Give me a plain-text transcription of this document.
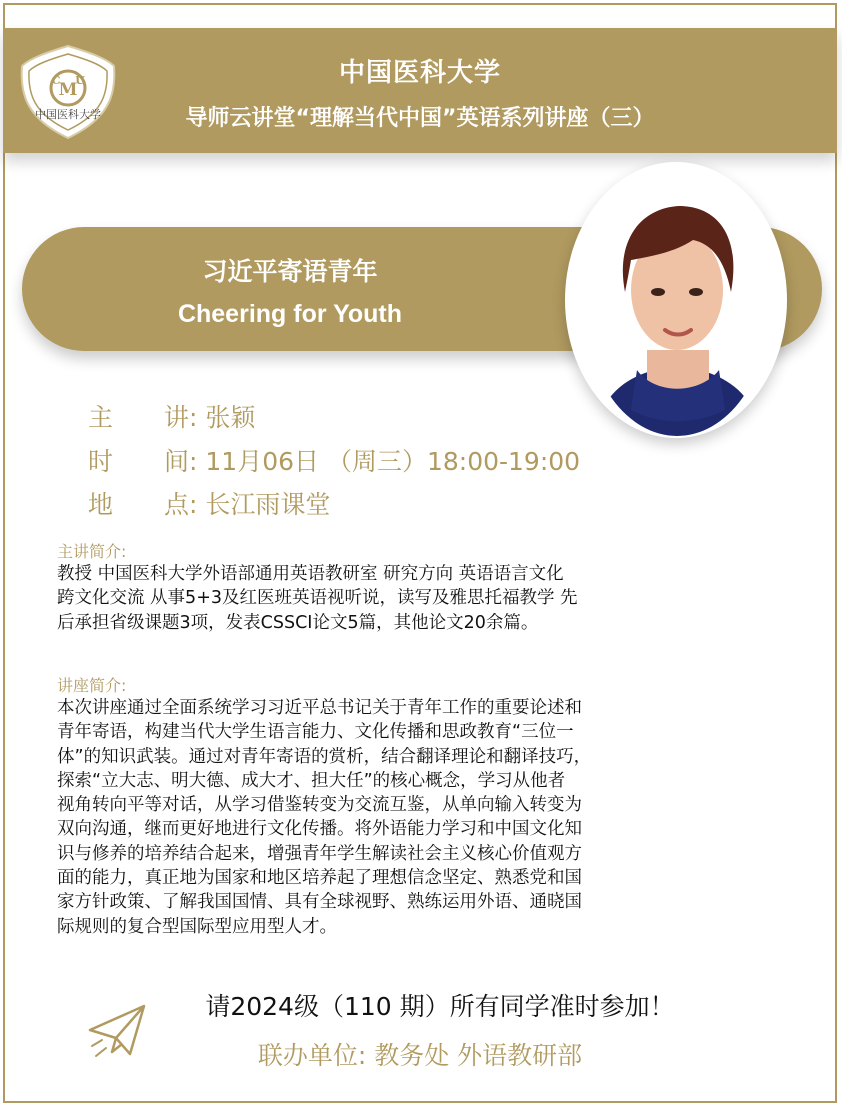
M
C U
中国医科大学
中国医科大学
导师云讲堂“理解当代中国”英语系列讲座（三）
习近平寄语青年
Cheering for Youth
主 讲: 张颖
时 间: 11月06日 （周三）18:00-19:00
地 点: 长江雨课堂
主讲简介:
教授 中国医科大学外语部通用英语教研室 研究方向 英语语言文化
跨文化交流 从事5+3及红医班英语视听说，读写及雅思托福教学 先
后承担省级课题3项，发表CSSCI论文5篇，其他论文20余篇。
讲座简介:
本次讲座通过全面系统学习习近平总书记关于青年工作的重要论述和
青年寄语，构建当代大学生语言能力、文化传播和思政教育“三位一
体”的知识武装。通过对青年寄语的赏析，结合翻译理论和翻译技巧，
探索“立大志、明大德、成大才、担大任”的核心概念，学习从他者
视角转向平等对话，从学习借鉴转变为交流互鉴，从单向输入转变为
双向沟通，继而更好地进行文化传播。将外语能力学习和中国文化知
识与修养的培养结合起来，增强青年学生解读社会主义核心价值观方
面的能力，真正地为国家和地区培养起了理想信念坚定、熟悉党和国
家方针政策、了解我国国情、具有全球视野、熟练运用外语、通晓国
际规则的复合型国际型应用型人才。
请2024级（110 期）所有同学准时参加！
联办单位: 教务处 外语教研部
